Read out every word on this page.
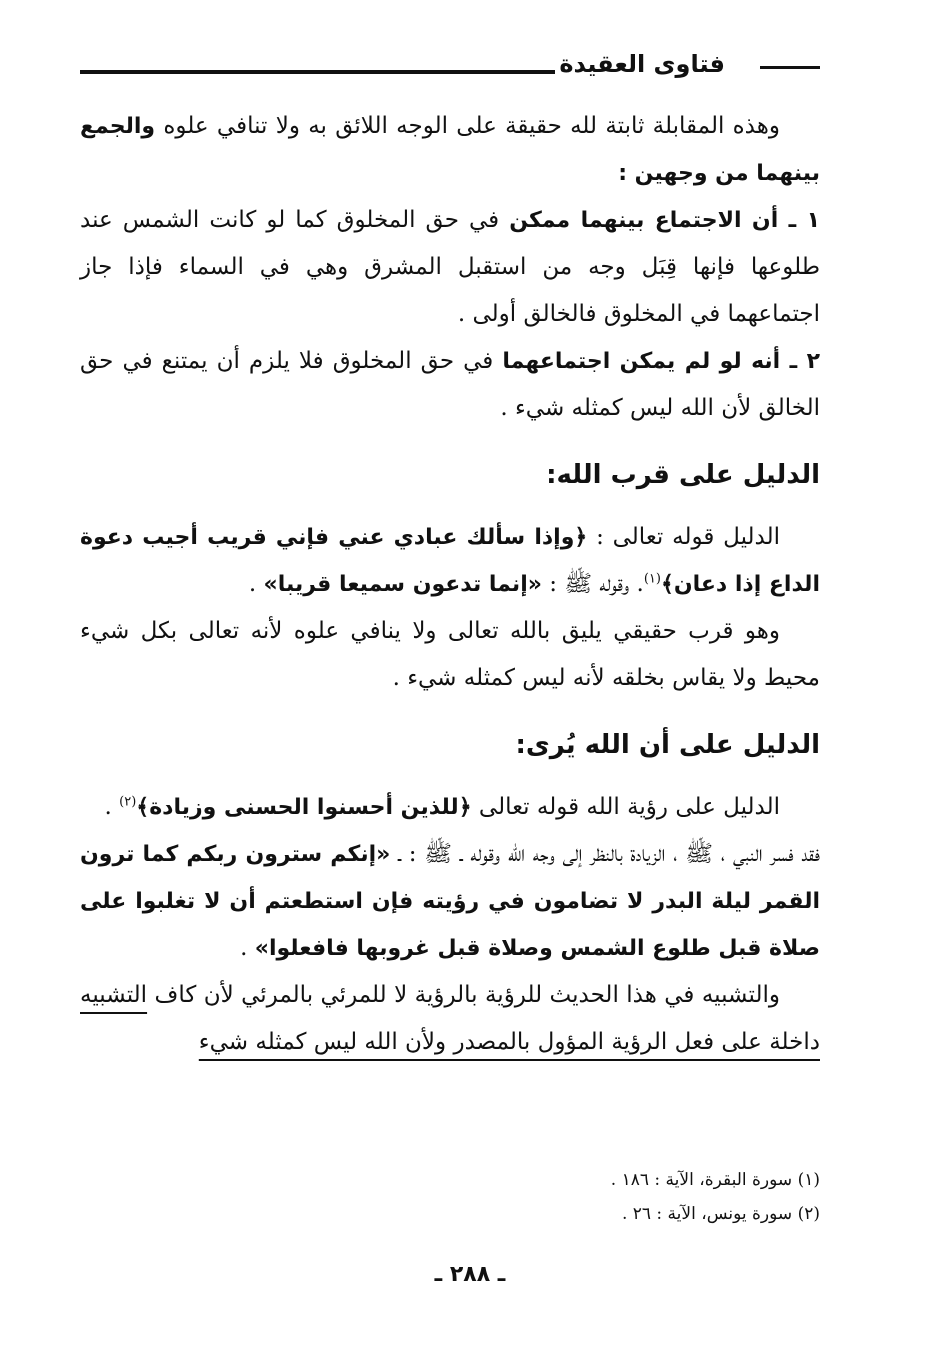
فتاوى العقيدة

وهذه المقابلة ثابتة لله حقيقة على الوجه اللائق به ولا تنافي علوه والجمع بينهما من وجهين :

١ ـ أن الاجتماع بينهما ممكن في حق المخلوق كما لو كانت الشمس عند طلوعها فإنها قِبَل وجه من استقبل المشرق وهي في السماء فإذا جاز اجتماعهما في المخلوق فالخالق أولى .

٢ ـ أنه لو لم يمكن اجتماعهما في حق المخلوق فلا يلزم أن يمتنع في حق الخالق لأن الله ليس كمثله شيء .

الدليل على قرب الله:

الدليل قوله تعالى : ﴿وإذا سألك عبادي عني فإني قريب أجيب دعوة الداع إذا دعان﴾$^{(١)}$. وقوله ﷺ : «إنما تدعون سميعا قريبا» .

وهو قرب حقيقي يليق بالله تعالى ولا ينافي علوه لأنه تعالى بكل شيء محيط ولا يقاس بخلقه لأنه ليس كمثله شيء .

الدليل على أن الله يُرى:

الدليل على رؤية الله قوله تعالى ﴿للذين أحسنوا الحسنى وزيادة﴾$^{(٢)}$ .

فقد فسر النبي ، ﷺ ، الزيادة بالنظر إلى وجه الله وقوله ـ ﷺ : ـ «إنكم سترون ربكم كما ترون القمر ليلة البدر لا تضامون في رؤيته فإن استطعتم أن لا تغلبوا على صلاة قبل طلوع الشمس وصلاة قبل غروبها فافعلوا» .

والتشبيه في هذا الحديث للرؤية بالرؤية لا للمرئي بالمرئي لأن كاف التشبيه داخلة على فعل الرؤية المؤول بالمصدر ولأن الله ليس كمثله شيء

(١) سورة البقرة، الآية : ١٨٦ .

(٢) سورة يونس، الآية : ٢٦ .

ـ ٢٨٨ ـ
